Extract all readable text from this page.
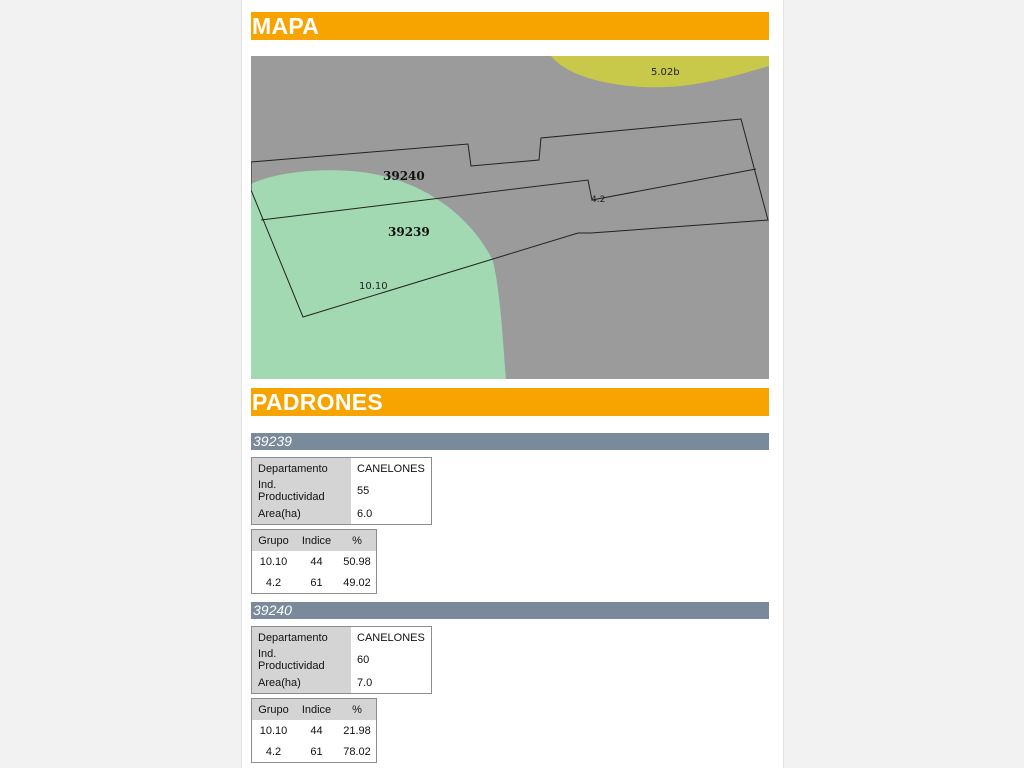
MAPA
5.02b
4.2
10.10
39240
39239
PADRONES
39239
Departamento	CANELONES
Ind. Productividad	55
Area(ha)	6.0
Grupo	Indice	%
10.10	44	50.98
4.2	61	49.02
39240
Departamento	CANELONES
Ind. Productividad	60
Area(ha)	7.0
Grupo	Indice	%
10.10	44	21.98
4.2	61	78.02
